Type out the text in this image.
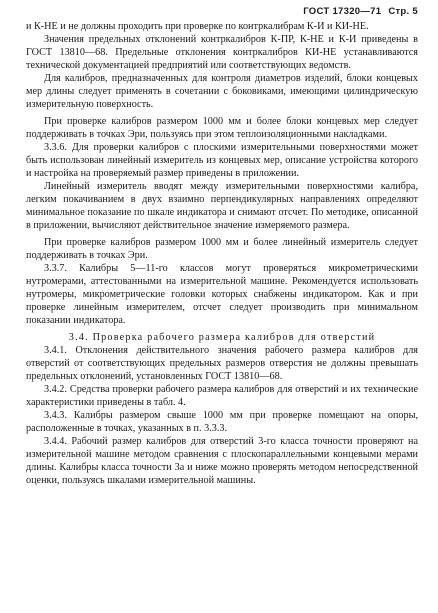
ГОСТ 17320—71 Стр. 5

и К-НЕ и не должны проходить при проверке по контркалибрам К-И и КИ-НЕ.

Значения предельных отклонений контркалибров К-ПР, К-НЕ и К-И приведены в ГОСТ 13810—68. Предельные отклонения контркалибров КИ-НЕ устанавливаются технической документацией предприятий или соответствующих ведомств.

Для калибров, предназначенных для контроля диаметров изделий, блоки концевых мер длины следует применять в сочетании с боковиками, имеющими цилиндрическую измерительную поверхность.

При проверке калибров размером 1000 мм и более блоки концевых мер следует поддерживать в точках Эри, пользуясь при этом теплоизоляционными накладками.

3.3.6. Для проверки калибров с плоскими измерительными поверхностями может быть использован линейный измеритель из концевых мер, описание устройства которого и настройка на проверяемый размер приведены в приложении.

Линейный измеритель вводят между измерительными поверхностями калибра, легким покачиванием в двух взаимно перпендикулярных направлениях определяют минимальное показание по шкале индикатора и снимают отсчет. По методике, описанной в приложении, вычисляют действительное значение измеряемого размера.

При проверке калибров размером 1000 мм и более линейный измеритель следует поддерживать в точках Эри.

3.3.7. Калибры 5—11-го классов могут проверяться микрометрическими нутромерами, аттестованными на измерительной машине. Рекомендуется использовать нутромеры, микрометрические головки которых снабжены индикатором. Как и при проверке линейным измерителем, отсчет следует производить при минимальном показании индикатора.

3.4. Проверка рабочего размера калибров для отверстий

3.4.1. Отклонения действительного значения рабочего размера калибров для отверстий от соответствующих предельных размеров отверстия не должны превышать предельных отклонений, установленных ГОСТ 13810—68.

3.4.2. Средства проверки рабочего размера калибров для отверстий и их технические характеристики приведены в табл. 4.

3.4.3. Калибры размером свыше 1000 мм при проверке помещают на опоры, расположенные в точках, указанных в п. 3.3.3.

3.4.4. Рабочий размер калибров для отверстий 3-го класса точности проверяют на измерительной машине методом сравнения с плоскопараллельными концевыми мерами длины. Калибры класса точности 3а и ниже можно проверять методом непосредственной оценки, пользуясь шкалами измерительной машины.
